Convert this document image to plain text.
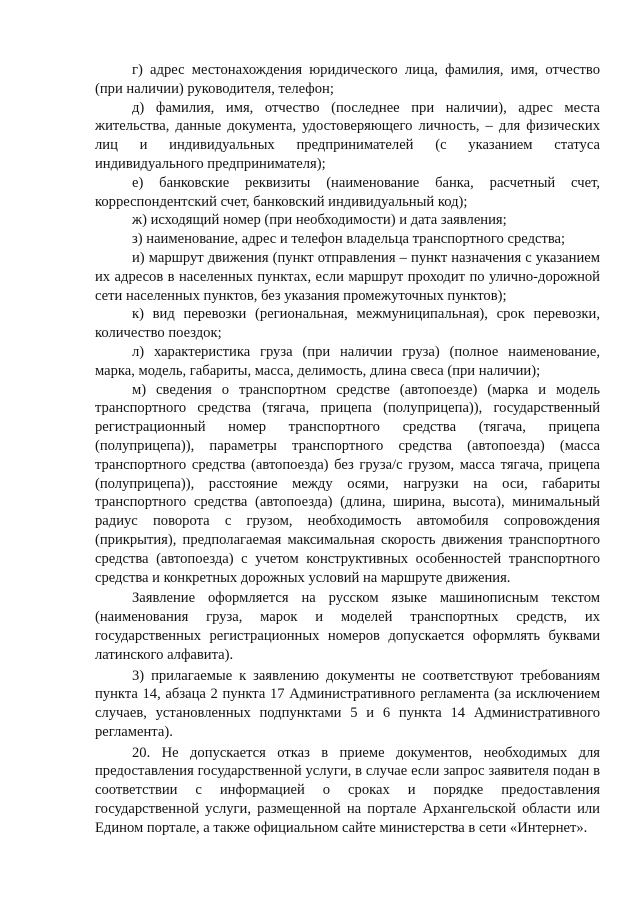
г) адрес местонахождения юридического лица, фамилия, имя, отчество (при наличии) руководителя, телефон;

д) фамилия, имя, отчество (последнее при наличии), адрес места жительства, данные документа, удостоверяющего личность, – для физических лиц и индивидуальных предпринимателей (с указанием статуса индивидуального предпринимателя);

е) банковские реквизиты (наименование банка, расчетный счет, корреспондентский счет, банковский индивидуальный код);

ж) исходящий номер (при необходимости) и дата заявления;

з) наименование, адрес и телефон владельца транспортного средства;

и) маршрут движения (пункт отправления – пункт назначения с указанием их адресов в населенных пунктах, если маршрут проходит по улично-дорожной сети населенных пунктов, без указания промежуточных пунктов);

к) вид перевозки (региональная, межмуниципальная), срок перевозки, количество поездок;

л) характеристика груза (при наличии груза) (полное наименование, марка, модель, габариты, масса, делимость, длина свеса (при наличии);

м) сведения о транспортном средстве (автопоезде) (марка и модель транспортного средства (тягача, прицепа (полуприцепа)), государственный регистрационный номер транспортного средства (тягача, прицепа (полуприцепа)), параметры транспортного средства (автопоезда) (масса транспортного средства (автопоезда) без груза/с грузом, масса тягача, прицепа (полуприцепа)), расстояние между осями, нагрузки на оси, габариты транспортного средства (автопоезда) (длина, ширина, высота), минимальный радиус поворота с грузом, необходимость автомобиля сопровождения (прикрытия), предполагаемая максимальная скорость движения транспортного средства (автопоезда) с учетом конструктивных особенностей транспортного средства и конкретных дорожных условий на маршруте движения.

Заявление оформляется на русском языке машинописным текстом (наименования груза, марок и моделей транспортных средств, их государственных регистрационных номеров допускается оформлять буквами латинского алфавита).

3) прилагаемые к заявлению документы не соответствуют требованиям пункта 14, абзаца 2 пункта 17 Административного регламента (за исключением случаев, установленных подпунктами 5 и 6 пункта 14 Административного регламента).

20. Не допускается отказ в приеме документов, необходимых для предоставления государственной услуги, в случае если запрос заявителя подан в соответствии с информацией о сроках и порядке предоставления государственной услуги, размещенной на портале Архангельской области или Едином портале, а также официальном сайте министерства в сети «Интернет».
